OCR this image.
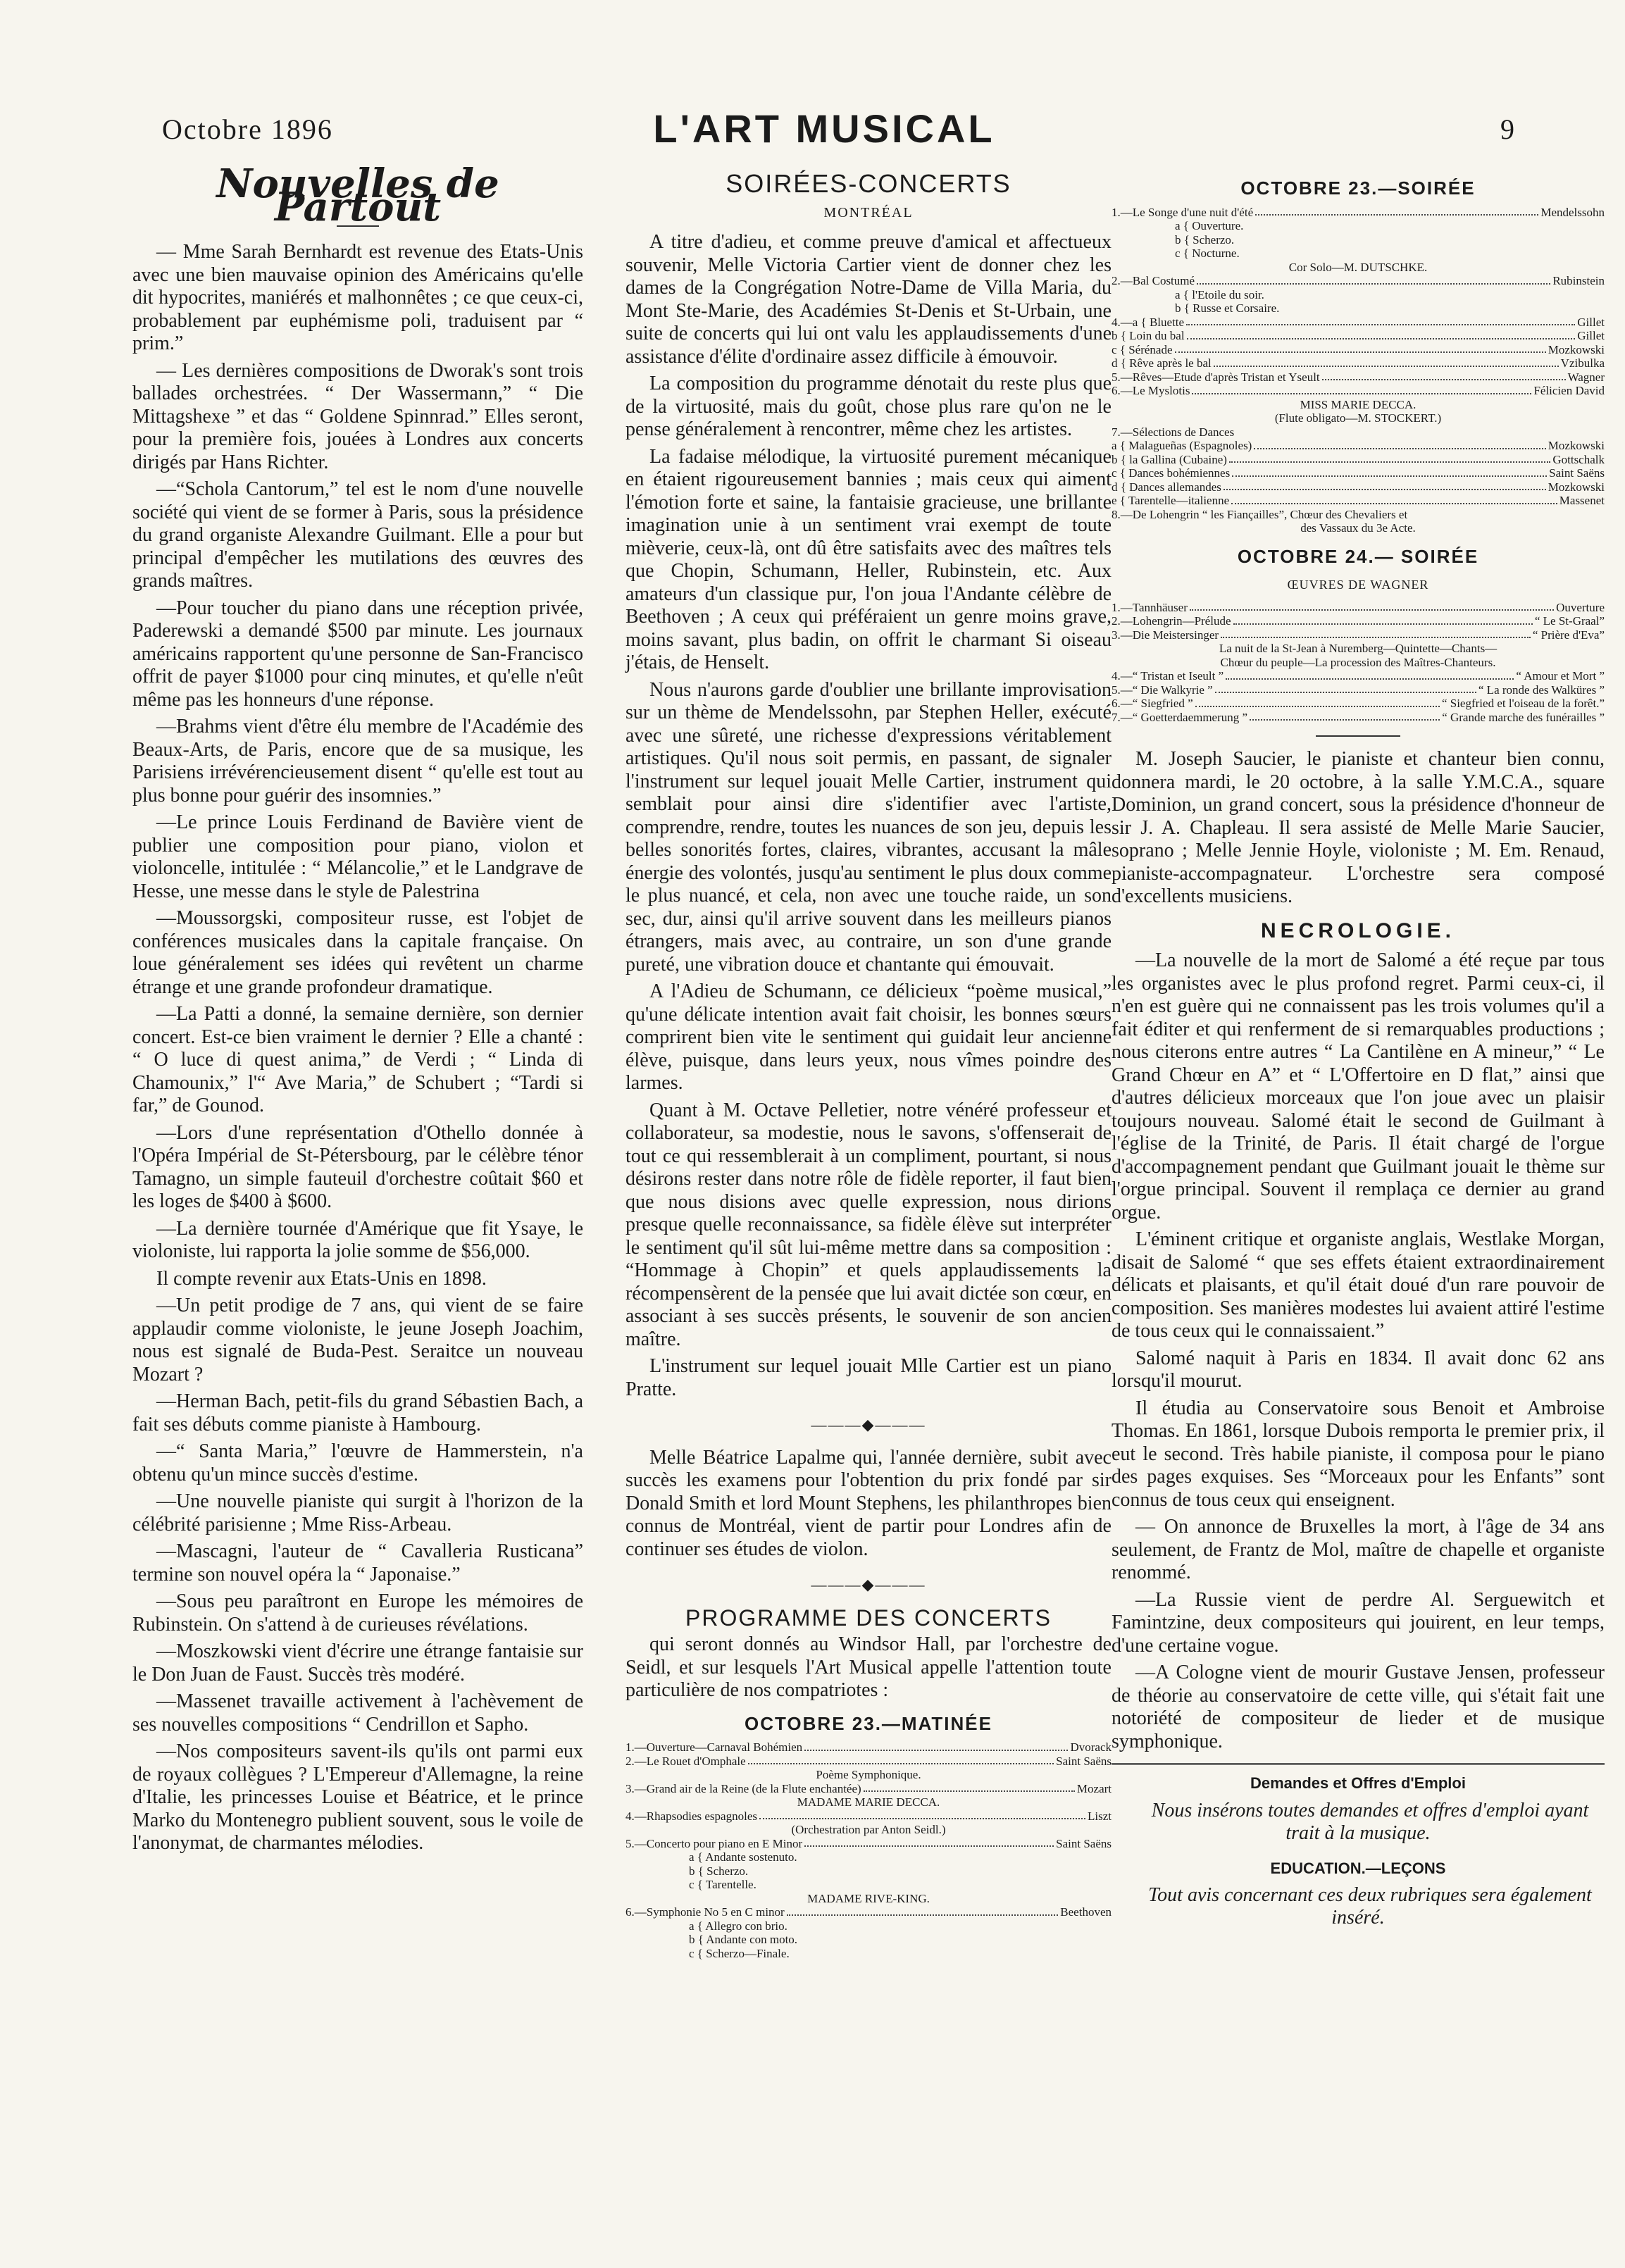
Octobre 1896	L'ART MUSICAL	9
Nouvelles de Partout

— Mme Sarah Bernhardt est revenue des Etats-Unis avec une bien mauvaise opinion des Américains qu'elle dit hypocrites, maniérés et malhonnêtes ; ce que ceux-ci, probablement par euphémisme poli, traduisent par “ prim.”

— Les dernières compositions de Dworak's sont trois ballades orchestrées. “ Der Wassermann,” “ Die Mittagshexe ” et das “ Goldene Spinnrad.” Elles seront, pour la première fois, jouées à Londres aux concerts dirigés par Hans Richter.

—“Schola Cantorum,” tel est le nom d'une nouvelle société qui vient de se former à Paris, sous la présidence du grand organiste Alexandre Guilmant. Elle a pour but principal d'empêcher les mutilations des œuvres des grands maîtres.

—Pour toucher du piano dans une réception privée, Paderewski a demandé $500 par minute. Les journaux américains rapportent qu'une personne de San-Francisco offrit de payer $1000 pour cinq minutes, et qu'elle n'eût même pas les honneurs d'une réponse.

—Brahms vient d'être élu membre de l'Académie des Beaux-Arts, de Paris, encore que de sa musique, les Parisiens irrévérencieusement disent “ qu'elle est tout au plus bonne pour guérir des insomnies.”

—Le prince Louis Ferdinand de Bavière vient de publier une composition pour piano, violon et violoncelle, intitulée : “ Mélancolie,” et le Landgrave de Hesse, une messe dans le style de Palestrina

—Moussorgski, compositeur russe, est l'objet de conférences musicales dans la capitale française. On loue généralement ses idées qui revêtent un charme étrange et une grande profondeur dramatique.

—La Patti a donné, la semaine dernière, son dernier concert. Est-ce bien vraiment le dernier ? Elle a chanté : “ O luce di quest anima,” de Verdi ; “ Linda di Chamounix,” l'“ Ave Maria,” de Schubert ; “Tardi si far,” de Gounod.

—Lors d'une représentation d'Othello donnée à l'Opéra Impérial de St-Pétersbourg, par le célèbre ténor Tamagno, un simple fauteuil d'orchestre coûtait $60 et les loges de $400 à $600.

—La dernière tournée d'Amérique que fit Ysaye, le violoniste, lui rapporta la jolie somme de $56,000.

Il compte revenir aux Etats-Unis en 1898.

—Un petit prodige de 7 ans, qui vient de se faire applaudir comme violoniste, le jeune Joseph Joachim, nous est signalé de Buda-Pest. Seraitce un nouveau Mozart ?

—Herman Bach, petit-fils du grand Sébastien Bach, a fait ses débuts comme pianiste à Hambourg.

—“ Santa Maria,” l'œuvre de Hammerstein, n'a obtenu qu'un mince succès d'estime.

—Une nouvelle pianiste qui surgit à l'horizon de la célébrité parisienne ; Mme Riss-Arbeau.

—Mascagni, l'auteur de “ Cavalleria Rusticana” termine son nouvel opéra la “ Japonaise.”

—Sous peu paraîtront en Europe les mémoires de Rubinstein. On s'attend à de curieuses révélations.

—Moszkowski vient d'écrire une étrange fantaisie sur le Don Juan de Faust. Succès très modéré.

—Massenet travaille activement à l'achèvement de ses nouvelles compositions “ Cendrillon et Sapho.

—Nos compositeurs savent-ils qu'ils ont parmi eux de royaux collègues ? L'Empereur d'Allemagne, la reine d'Italie, les princesses Louise et Béatrice, et le prince Marko du Montenegro publient souvent, sous le voile de l'anonymat, de charmantes mélodies.

SOIRÉES-CONCERTS
MONTRÉAL

A titre d'adieu, et comme preuve d'amical et affectueux souvenir, Melle Victoria Cartier vient de donner chez les dames de la Congrégation Notre-Dame de Villa Maria, du Mont Ste-Marie, des Académies St-Denis et St-Urbain, une suite de concerts qui lui ont valu les applaudissements d'une assistance d'élite d'ordinaire assez difficile à émouvoir.

La composition du programme dénotait du reste plus que de la virtuosité, mais du goût, chose plus rare qu'on ne le pense généralement à rencontrer, même chez les artistes.

La fadaise mélodique, la virtuosité purement mécanique en étaient rigoureusement bannies ; mais ceux qui aiment l'émotion forte et saine, la fantaisie gracieuse, une brillante imagination unie à un sentiment vrai exempt de toute mièverie, ceux-là, ont dû être satisfaits avec des maîtres tels que Chopin, Schumann, Heller, Rubinstein, etc. Aux amateurs d'un classique pur, l'on joua l'Andante célèbre de Beethoven ; A ceux qui préféraient un genre moins grave, moins savant, plus badin, on offrit le charmant Si oiseau j'étais, de Henselt.

Nous n'aurons garde d'oublier une brillante improvisation sur un thème de Mendelssohn, par Stephen Heller, exécuté avec une sûreté, une richesse d'expressions véritablement artistiques. Qu'il nous soit permis, en passant, de signaler l'instrument sur lequel jouait Melle Cartier, instrument qui semblait pour ainsi dire s'identifier avec l'artiste, comprendre, rendre, toutes les nuances de son jeu, depuis les belles sonorités fortes, claires, vibrantes, accusant la mâle énergie des volontés, jusqu'au sentiment le plus doux comme le plus nuancé, et cela, non avec une touche raide, un son sec, dur, ainsi qu'il arrive souvent dans les meilleurs pianos étrangers, mais avec, au contraire, un son d'une grande pureté, une vibration douce et chantante qui émouvait.

A l'Adieu de Schumann, ce délicieux “poème musical,” qu'une délicate intention avait fait choisir, les bonnes sœurs comprirent bien vite le sentiment qui guidait leur ancienne élève, puisque, dans leurs yeux, nous vîmes poindre des larmes.

Quant à M. Octave Pelletier, notre vénéré professeur et collaborateur, sa modestie, nous le savons, s'offenserait de tout ce qui ressemblerait à un compliment, pourtant, si nous désirons rester dans notre rôle de fidèle reporter, il faut bien que nous disions avec quelle expression, nous dirions presque quelle reconnaissance, sa fidèle élève sut interpréter le sentiment qu'il sût lui-même mettre dans sa composition : “Hommage à Chopin” et quels applaudissements la récompensèrent de la pensée que lui avait dictée son cœur, en associant à ses succès présents, le souvenir de son ancien maître.

L'instrument sur lequel jouait Mlle Cartier est un piano Pratte.

———◆———

Melle Béatrice Lapalme qui, l'année dernière, subit avec succès les examens pour l'obtention du prix fondé par sir Donald Smith et lord Mount Stephens, les philanthropes bien connus de Montréal, vient de partir pour Londres afin de continuer ses études de violon.

———◆———
PROGRAMME DES CONCERTS

qui seront donnés au Windsor Hall, par l'orchestre de Seidl, et sur lesquels l'Art Musical appelle l'attention toute particulière de nos compatriotes :

OCTOBRE 23.—MATINÉE
1.—Ouverture—Carnaval Bohémien	Dvorack
2.—Le Rouet d'Omphale	Saint Saëns
Poème Symphonique.
3.—Grand air de la Reine (de la Flute enchantée)	Mozart
MADAME MARIE DECCA.
4.—Rhapsodies espagnoles	Liszt
(Orchestration par Anton Seidl.)
5.—Concerto pour piano en E Minor	Saint Saëns
a { Andante sostenuto.
b { Scherzo.
c { Tarentelle.
MADAME RIVE-KING.
6.—Symphonie No 5 en C minor	Beethoven
a { Allegro con brio.
b { Andante con moto.
c { Scherzo—Finale.
OCTOBRE 23.—SOIRÉE
1.—Le Songe d'une nuit d'été	Mendelssohn
a { Ouverture.
b { Scherzo.
c { Nocturne.
Cor Solo—M. DUTSCHKE.
2.—Bal Costumé	Rubinstein
a { l'Etoile du soir.
b { Russe et Corsaire.
4.—a { Bluette	Gillet
b { Loin du bal	Gillet
c { Sérénade	Mozkowski
d { Rêve après le bal	Vzibulka
5.—Rêves—Etude d'après Tristan et Yseult	Wagner
6.—Le Myslotis	Félicien David
MISS MARIE DECCA.
(Flute obligato—M. STOCKERT.)
7.—Sélections de Dances
a { Malagueñas (Espagnoles)	Mozkowski
b { la Gallina (Cubaine)	Gottschalk
c { Dances bohémiennes	Saint Saëns
d { Dances allemandes	Mozkowski
e { Tarentelle—italienne	Massenet
8.—De Lohengrin “ les Fiançailles”, Chœur des Chevaliers et
des Vassaux du 3e Acte.
OCTOBRE 24.— SOIRÉE
ŒUVRES DE WAGNER
1.—Tannhäuser	Ouverture
2.—Lohengrin—Prélude	“ Le St-Graal”
3.—Die Meistersinger	“ Prière d'Eva”
La nuit de la St-Jean à Nuremberg—Quintette—Chants—
Chœur du peuple—La procession des Maîtres-Chanteurs.
4.—“ Tristan et Iseult ”	“ Amour et Mort ”
5.—“ Die Walkyrie ”	“ La ronde des Walküres ”
6.—“ Siegfried ”	“ Siegfried et l'oiseau de la forêt.”
7.—“ Goetterdaemmerung ”	“ Grande marche des funérailles ”

M. Joseph Saucier, le pianiste et chanteur bien connu, donnera mardi, le 20 octobre, à la salle Y.M.C.A., square Dominion, un grand concert, sous la présidence d'honneur de sir J. A. Chapleau. Il sera assisté de Melle Marie Saucier, soprano ; Melle Jennie Hoyle, violoniste ; M. Em. Renaud, pianiste-accompagnateur. L'orchestre sera composé d'excellents musiciens.

NECROLOGIE.

—La nouvelle de la mort de Salomé a été reçue par tous les organistes avec le plus profond regret. Parmi ceux-ci, il n'en est guère qui ne connaissent pas les trois volumes qu'il a fait éditer et qui renferment de si remarquables productions ; nous citerons entre autres “ La Cantilène en A mineur,” “ Le Grand Chœur en A” et “ L'Offertoire en D flat,” ainsi que d'autres délicieux morceaux que l'on joue avec un plaisir toujours nouveau. Salomé était le second de Guilmant à l'église de la Trinité, de Paris. Il était chargé de l'orgue d'accompagnement pendant que Guilmant jouait le thème sur l'orgue principal. Souvent il remplaça ce dernier au grand orgue.

L'éminent critique et organiste anglais, Westlake Morgan, disait de Salomé “ que ses effets étaient extraordinairement délicats et plaisants, et qu'il était doué d'un rare pouvoir de composition. Ses manières modestes lui avaient attiré l'estime de tous ceux qui le connaissaient.”

Salomé naquit à Paris en 1834. Il avait donc 62 ans lorsqu'il mourut.

Il étudia au Conservatoire sous Benoit et Ambroise Thomas. En 1861, lorsque Dubois remporta le premier prix, il eut le second. Très habile pianiste, il composa pour le piano des pages exquises. Ses “Morceaux pour les Enfants” sont connus de tous ceux qui enseignent.

— On annonce de Bruxelles la mort, à l'âge de 34 ans seulement, de Frantz de Mol, maître de chapelle et organiste renommé.

—La Russie vient de perdre Al. Serguewitch et Famintzine, deux compositeurs qui jouirent, en leur temps, d'une certaine vogue.

—A Cologne vient de mourir Gustave Jensen, professeur de théorie au conservatoire de cette ville, qui s'était fait une notoriété de compositeur de lieder et de musique symphonique.

Demandes et Offres d'Emploi

Nous insérons toutes demandes et offres d'emploi ayant trait à la musique.

EDUCATION.—LEÇONS

Tout avis concernant ces deux rubriques sera également inséré.
